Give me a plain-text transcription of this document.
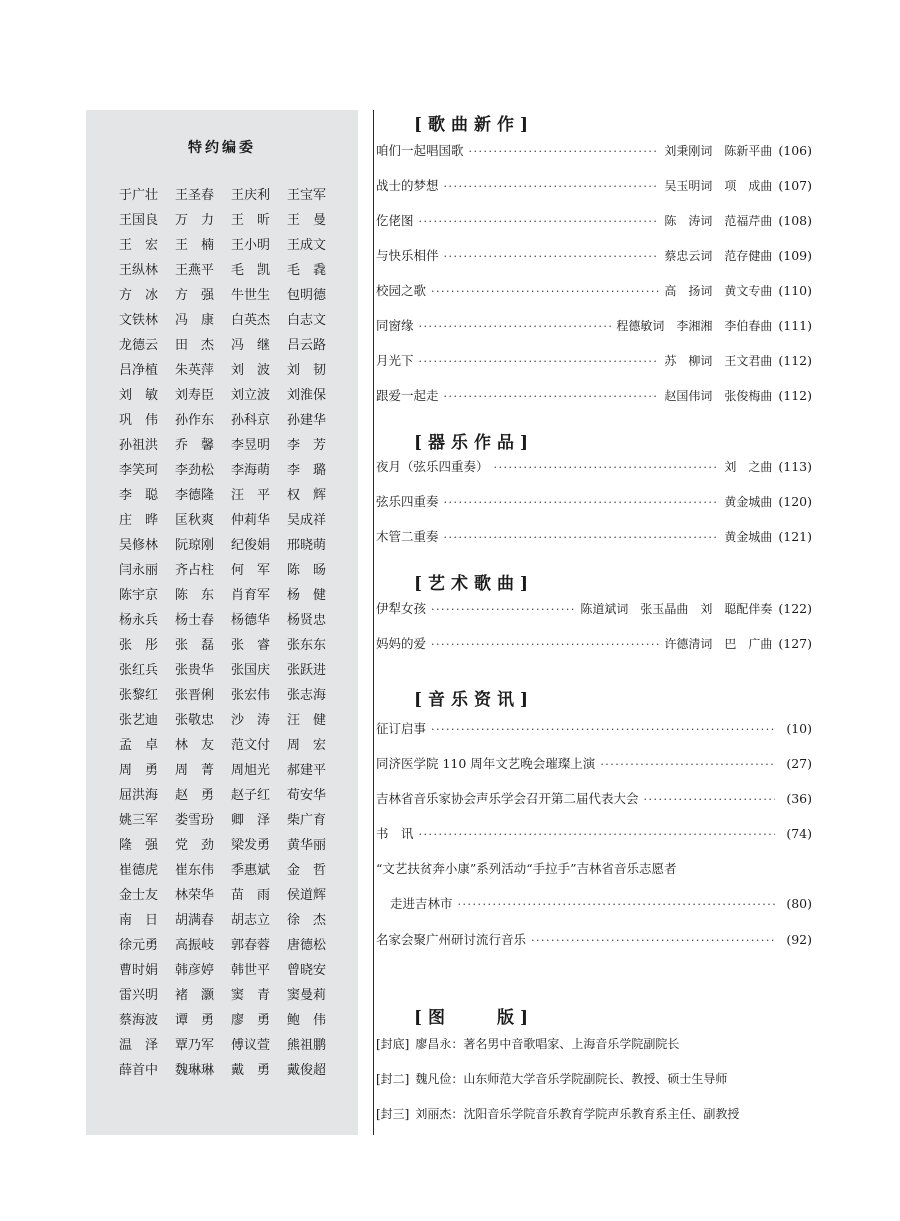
特约编委
于广壮	王圣春	王庆利	王宝军
王国良	万　力	王　昕	王　曼
王　宏	王　楠	王小明	王成文
王纵林	王燕平	毛　凯	毛　毳
方　冰	方　强	牛世生	包明德
文铁林	冯　康	白英杰	白志文
龙德云	田　杰	冯　继	吕云路
吕净植	朱英萍	刘　波	刘　韧
刘　敏	刘寿臣	刘立波	刘淮保
巩　伟	孙作东	孙科京	孙建华
孙祖洪	乔　馨	李昱明	李　芳
李笑珂	李劲松	李海萌	李　璐
李　聪	李德隆	汪　平	权　辉
庄　晔	匡秋爽	仲莉华	吴成祥
吴修林	阮琼刚	纪俊娟	邢晓萌
闫永丽	齐占柱	何　军	陈　旸
陈宇京	陈　东	肖育军	杨　健
杨永兵	杨士春	杨德华	杨贤忠
张　彤	张　磊	张　睿	张东东
张红兵	张贵华	张国庆	张跃进
张黎红	张晋俐	张宏伟	张志海
张艺迪	张敬忠	沙　涛	汪　健
孟　卓	林　友	范文付	周　宏
周　勇	周　菁	周旭光	郝建平
屈洪海	赵　勇	赵子红	荀安华
姚三军	娄雪玢	卿　泽	柴广育
隆　强	党　劲	梁发勇	黄华丽
崔德虎	崔东伟	季惠斌	金　哲
金士友	林荣华	苗　雨	侯道辉
南　日	胡满春	胡志立	徐　杰
徐元勇	高振岐	郭春蓉	唐德松
曹时娟	韩彦婷	韩世平	曾晓安
雷兴明	褚　灏	窦　青	窦曼莉
蔡海波	谭　勇	廖　勇	鲍　伟
温　泽	覃乃军	傅议萱	熊祖鹏
薛首中	魏琳琳	戴　勇	戴俊超
[歌曲新作]
咱们一起唱国歌 ·····	刘秉刚词　陈新平曲 (106)
战士的梦想 ·····	吴玉明词　项　成曲 (107)
仡佬图 ·····	陈　涛词　范福芹曲 (108)
与快乐相伴 ·····	蔡忠云词　范存健曲 (109)
校园之歌 ·····	高　扬词　黄文专曲 (110)
同窗缘 ·····	程德敏词　李湘湘　李伯春曲 (111)
月光下 ·····	苏　柳词　王文君曲 (112)
跟爱一起走 ·····	赵国伟词　张俊梅曲 (112)
[器乐作品]
夜月（弦乐四重奏） ·····	刘　之曲 (113)
弦乐四重奏 ·····	黄金城曲 (120)
木管二重奏 ·····	黄金城曲 (121)
[艺术歌曲]
伊犁女孩 ·····	陈道斌词　张玉晶曲　刘　聪配伴奏 (122)
妈妈的爱 ·····	许德清词　巴　广曲 (127)
[音乐资讯]
征订启事 ·····	(10)
同济医学院 110 周年文艺晚会璀璨上演 ·····	(27)
吉林省音乐家协会声乐学会召开第二届代表大会 ·····	(36)
书　讯 ·····	(74)
“文艺扶贫奔小康”系列活动“手拉手”吉林省音乐志愿者
走进吉林市 ·····	(80)
名家会聚广州研讨流行音乐 ·····	(92)
[图　　版]
[封底] 廖昌永：著名男中音歌唱家、上海音乐学院副院长
[封二] 魏凡俭：山东师范大学音乐学院副院长、教授、硕士生导师
[封三] 刘丽杰：沈阳音乐学院音乐教育学院声乐教育系主任、副教授
